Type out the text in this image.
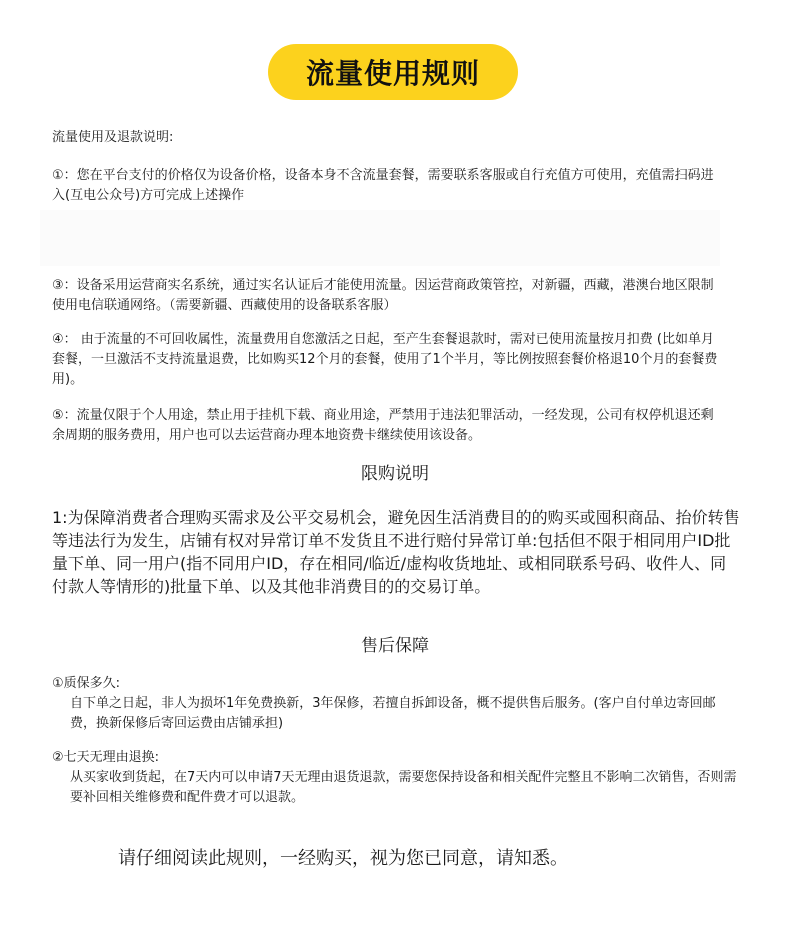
流量使用规则
流量使用及退款说明:
①：您在平台支付的价格仅为设备价格，设备本身不含流量套餐，需要联系客服或自行充值方可使用，充值需扫码进入(互电公众号)方可完成上述操作
③：设备采用运营商实名系统，通过实名认证后才能使用流量。因运营商政策管控，对新疆，西藏，港澳台地区限制使用电信联通网络。（需要新疆、西藏使用的设备联系客服）
④： 由于流量的不可回收属性，流量费用自您激活之日起，至产生套餐退款时，需对已使用流量按月扣费 (比如单月套餐，一旦激活不支持流量退费，比如购买12个月的套餐，使用了1个半月，等比例按照套餐价格退10个月的套餐费用)。
⑤：流量仅限于个人用途，禁止用于挂机下载、商业用途，严禁用于违法犯罪活动，一经发现，公司有权停机退还剩余周期的服务费用，用户也可以去运营商办理本地资费卡继续使用该设备。
限购说明
1:为保障消费者合理购买需求及公平交易机会，避免因生活消费目的的购买或囤积商品、抬价转售等违法行为发生，店铺有权对异常订单不发货且不进行赔付异常订单:包括但不限于相同用户ID批量下单、同一用户(指不同用户ID，存在相同/临近/虚构收货地址、或相同联系号码、收件人、同付款人等情形的)批量下单、以及其他非消费目的的交易订单。
售后保障
①质保多久:
自下单之日起，非人为损坏1年免费换新，3年保修，若擅自拆卸设备，概不提供售后服务。(客户自付单边寄回邮费，换新保修后寄回运费由店铺承担)
②七天无理由退换:
从买家收到货起，在7天内可以申请7天无理由退货退款，需要您保持设备和相关配件完整且不影响二次销售，否则需要补回相关维修费和配件费才可以退款。
请仔细阅读此规则，一经购买，视为您已同意，请知悉。
